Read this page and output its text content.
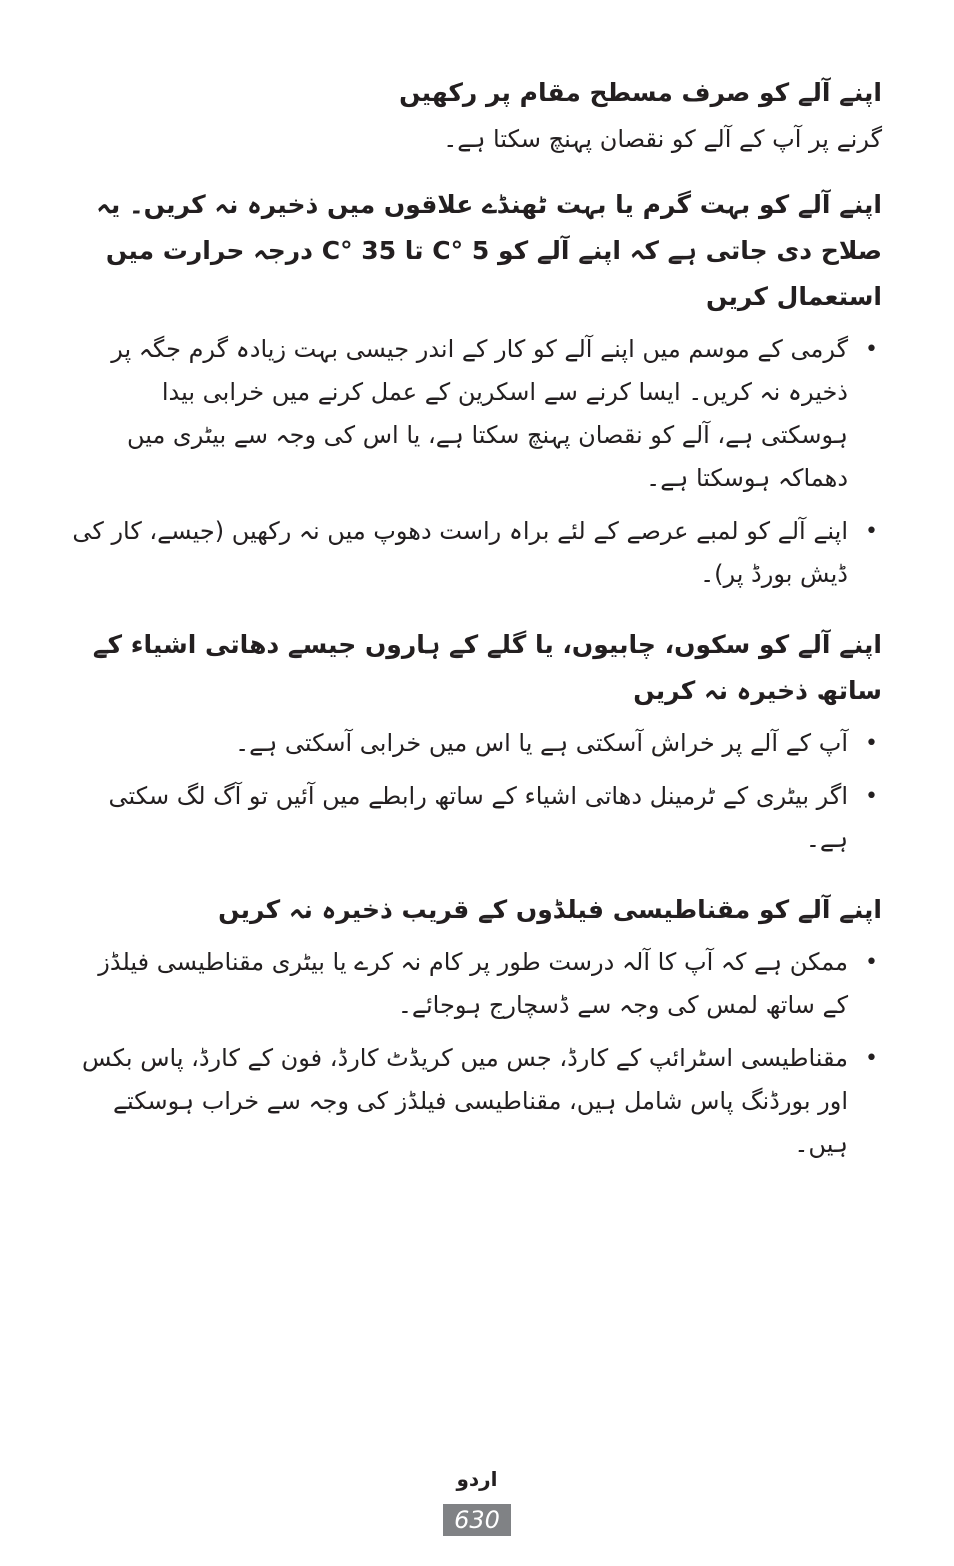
اپنے آلے کو صرف مسطح مقام پر رکھیں

گرنے پر آپ کے آلے کو نقصان پہنچ سکتا ہے۔

اپنے آلے کو بہت گرم یا بہت ٹھنڈے علاقوں میں ذخیرہ نہ کریں۔ یہ صلاح دی جاتی ہے کہ اپنے آلے کو 5 °C تا 35 °C درجہ حرارت میں استعمال کریں
•
گرمی کے موسم میں اپنے آلے کو کار کے اندر جیسی بہت زیادہ گرم جگہ پر ذخیرہ نہ کریں۔ ایسا کرنے سے اسکرین کے عمل کرنے میں خرابی بیدا ہوسکتی ہے، آلے کو نقصان پہنچ سکتا ہے، یا اس کی وجہ سے بیٹری میں دھماکہ ہوسکتا ہے۔
•
اپنے آلے کو لمبے عرصے کے لئے براہ راست دھوپ میں نہ رکھیں (جیسے، کار کی ڈیش بورڈ پر)۔
اپنے آلے کو سکوں، چابیوں، یا گلے کے ہاروں جیسے دھاتی اشیاء کے ساتھ ذخیرہ نہ کریں
•
آپ کے آلے پر خراش آسکتی ہے یا اس میں خرابی آسکتی ہے۔
•
اگر بیٹری کے ٹرمینل دھاتی اشیاء کے ساتھ رابطے میں آئیں تو آگ لگ سکتی ہے۔
اپنے آلے کو مقناطیسی فیلڈوں کے قریب ذخیرہ نہ کریں
•
ممکن ہے کہ آپ کا آلہ درست طور پر کام نہ کرے یا بیٹری مقناطیسی فیلڈز کے ساتھ لمس کی وجہ سے ڈسچارج ہوجائے۔
•
مقناطیسی اسٹرائپ کے کارڈ، جس میں کریڈٹ کارڈ، فون کے کارڈ، پاس بکس اور بورڈنگ پاس شامل ہیں، مقناطیسی فیلڈز کی وجہ سے خراب ہوسکتے ہیں۔
اردو
630
